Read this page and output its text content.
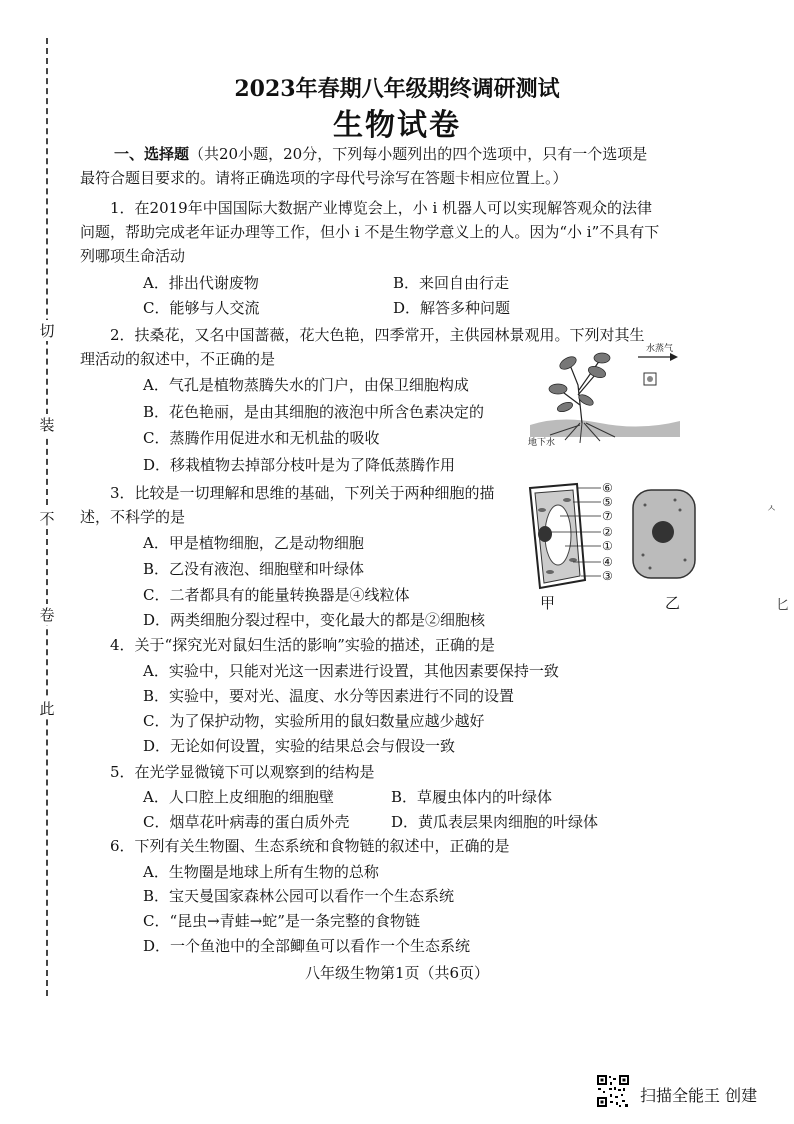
切
装
不
卷
此
2023年春期八年级期终调研测试
生物试卷
一、选择题（共20小题，20分，下列每小题列出的四个选项中，只有一个选项是
最符合题目要求的。请将正确选项的字母代号涂写在答题卡相应位置上。）
1．在2019年中国国际大数据产业博览会上，小 i 机器人可以实现解答观众的法律
问题，帮助完成老年证办理等工作，但小 i 不是生物学意义上的人。因为“小 i”不具有下
列哪项生命活动
A．排出代谢废物	B．来回自由行走
C．能够与人交流	D．解答多种问题
2．扶桑花，又名中国蔷薇，花大色艳，四季常开，主供园林景观用。下列对其生
理活动的叙述中，不正确的是
A．气孔是植物蒸腾失水的门户，由保卫细胞构成
B．花色艳丽，是由其细胞的液泡中所含色素决定的
C．蒸腾作用促进水和无机盐的吸收
D．移栽植物去掉部分枝叶是为了降低蒸腾作用
水蒸气
地下水
3．比较是一切理解和思维的基础，下列关于两种细胞的描
述，不科学的是
A．甲是植物细胞，乙是动物细胞
B．乙没有液泡、细胞壁和叶绿体
C．二者都具有的能量转换器是④线粒体
D．两类细胞分裂过程中，变化最大的都是②细胞核
⑥
⑤
⑦
②
①
④
③
甲	乙
4．关于“探究光对鼠妇生活的影响”实验的描述，正确的是
A．实验中，只能对光这一因素进行设置，其他因素要保持一致
B．实验中，要对光、温度、水分等因素进行不同的设置
C．为了保护动物，实验所用的鼠妇数量应越少越好
D．无论如何设置，实验的结果总会与假设一致
5．在光学显微镜下可以观察到的结构是
A．人口腔上皮细胞的细胞壁	B．草履虫体内的叶绿体
C．烟草花叶病毒的蛋白质外壳	D．黄瓜表层果肉细胞的叶绿体
6．下列有关生物圈、生态系统和食物链的叙述中，正确的是
A．生物圈是地球上所有生物的总称
B．宝天曼国家森林公园可以看作一个生态系统
C．“昆虫→青蛙→蛇”是一条完整的食物链
D．一个鱼池中的全部鲫鱼可以看作一个生态系统
八年级生物第1页（共6页）
ㅅ
匕
扫描全能王 创建
